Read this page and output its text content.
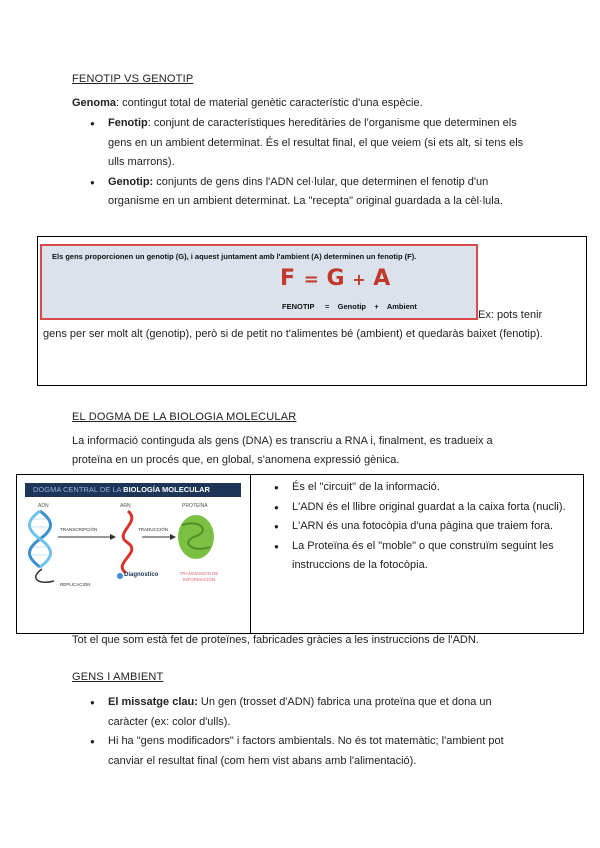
FENOTIP VS GENOTIP
Genoma: contingut total de material genètic característic d'una espècie.
● Fenotip: conjunt de característiques hereditàries de l'organisme que determinen els
gens en un ambient determinat. És el resultat final, el que veiem (si ets alt, si tens els
ulls marrons).
● Genotip: conjunts de gens dins l'ADN cel·lular, que determinen el fenotip d'un
organisme en un ambient determinat. La "recepta" original guardada a la cèl·lula.
Els gens proporcionen un genotip (G), i aquest juntament amb l'ambient (A) determinen un fenotip (F).
F = G + A
FENOTIP = Genotip + Ambient
Ex: pots tenir
gens per ser molt alt (genotip), però si de petit no t'alimentes bé (ambient) et quedaràs baixet (fenotip).
EL DOGMA DE LA BIOLOGIA MOLECULAR
La informació continguda als gens (DNA) es transcriu a RNA i, finalment, es tradueix a
proteïna en un procés que, en global, s'anomena expressió gènica.
DOGMA CENTRAL DE LA BIOLOGÍA MOLECULAR
ADN	ARN	PROTEÍNA
TRANSCRIPCIÓN	TRADUCCIÓN
REPLICACIÓN
Diagnostico	TRANSMISIÓN DE INFORMACIÓN
● És el "circuit" de la informació.
● L'ADN és el llibre original guardat a la caixa forta (nucli).
● L'ARN és una fotocòpia d'una pàgina que traiem fora.
● La Proteïna és el "moble" o que construïm seguint les
instruccions de la fotocòpia.
Tot el que som està fet de proteïnes, fabricades gràcies a les instruccions de l'ADN.
GENS I AMBIENT
● El missatge clau: Un gen (trosset d'ADN) fabrica una proteïna que et dona un
caràcter (ex: color d'ulls).
● Hi ha "gens modificadors" i factors ambientals. No és tot matemàtic; l'ambient pot
canviar el resultat final (com hem vist abans amb l'alimentació).
